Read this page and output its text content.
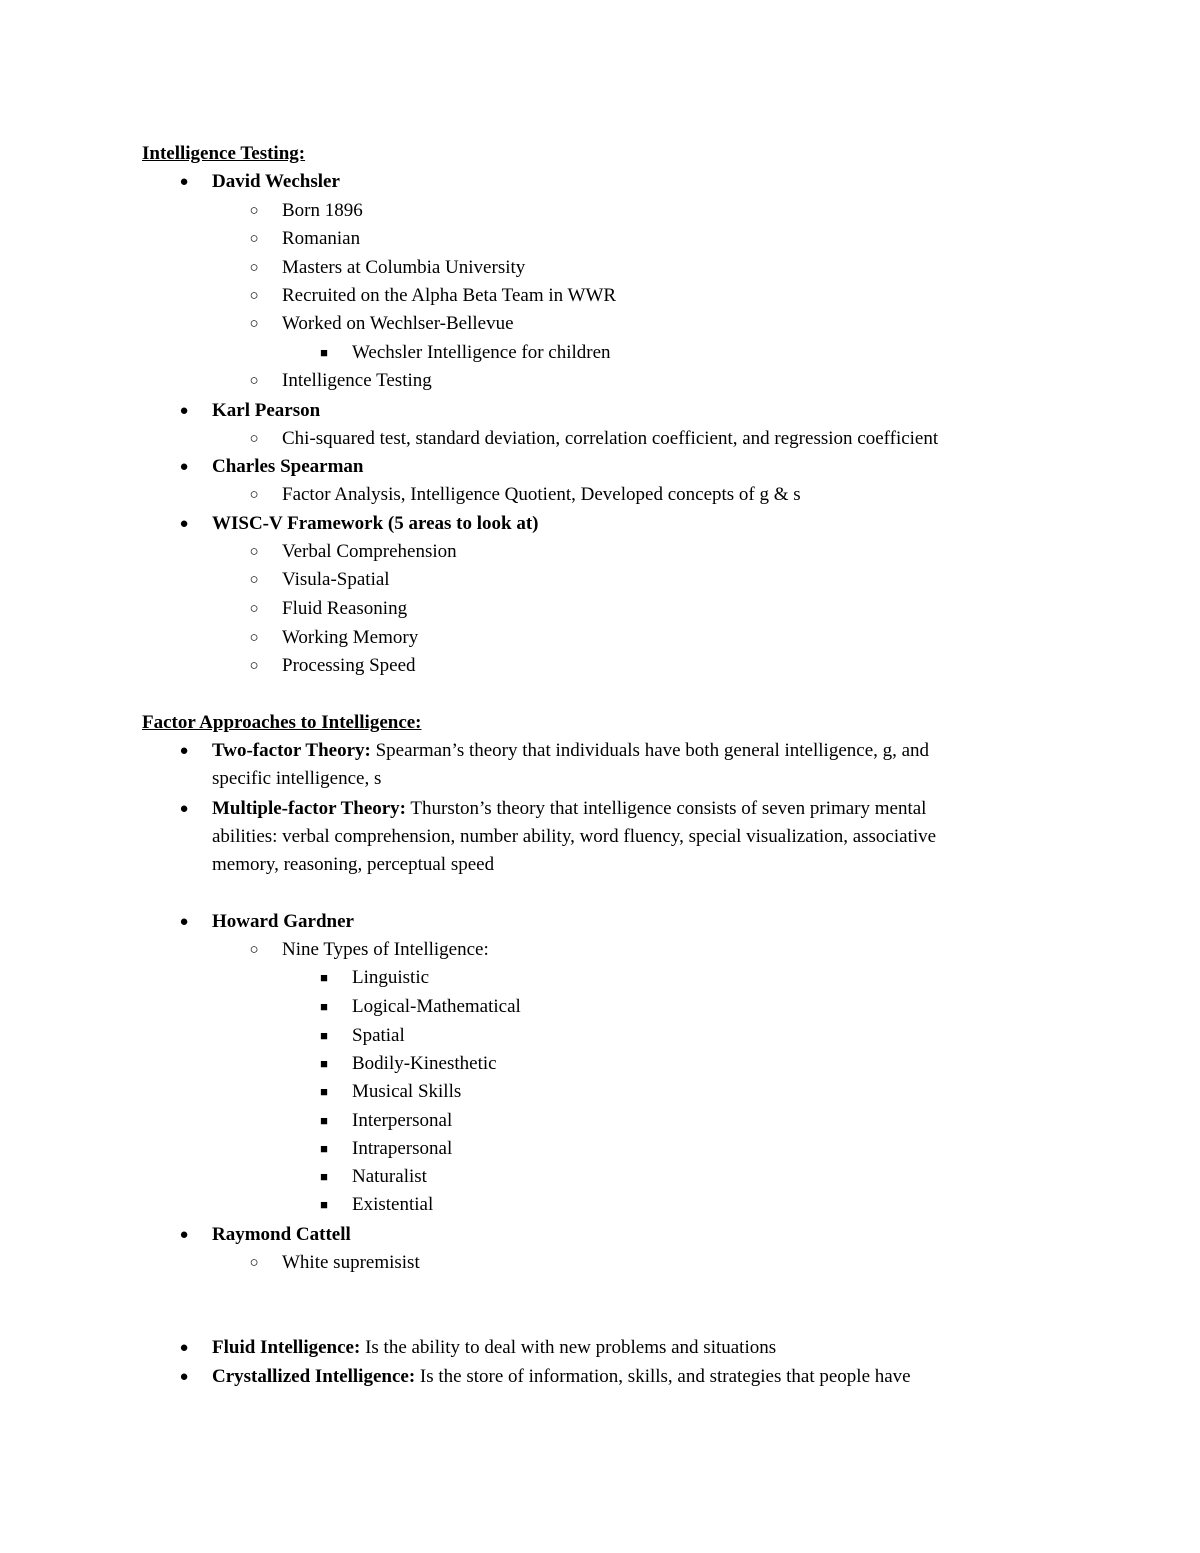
Intelligence Testing:
● David Wechsler
○ Born 1896
○ Romanian
○ Masters at Columbia University
○ Recruited on the Alpha Beta Team in WWR
○ Worked on Wechlser-Bellevue
■ Wechsler Intelligence for children
○ Intelligence Testing
● Karl Pearson
○ Chi-squared test, standard deviation, correlation coefficient, and regression coefficient
● Charles Spearman
○ Factor Analysis, Intelligence Quotient, Developed concepts of g & s
● WISC-V Framework (5 areas to look at)
○ Verbal Comprehension
○ Visula-Spatial
○ Fluid Reasoning
○ Working Memory
○ Processing Speed
Factor Approaches to Intelligence:
● Two-factor Theory: Spearman’s theory that individuals have both general intelligence, g, and
specific intelligence, s
● Multiple-factor Theory: Thurston’s theory that intelligence consists of seven primary mental
abilities: verbal comprehension, number ability, word fluency, special visualization, associative
memory, reasoning, perceptual speed
● Howard Gardner
○ Nine Types of Intelligence:
■ Linguistic
■ Logical-Mathematical
■ Spatial
■ Bodily-Kinesthetic
■ Musical Skills
■ Interpersonal
■ Intrapersonal
■ Naturalist
■ Existential
● Raymond Cattell
○ White supremisist
● Fluid Intelligence: Is the ability to deal with new problems and situations
● Crystallized Intelligence: Is the store of information, skills, and strategies that people have
